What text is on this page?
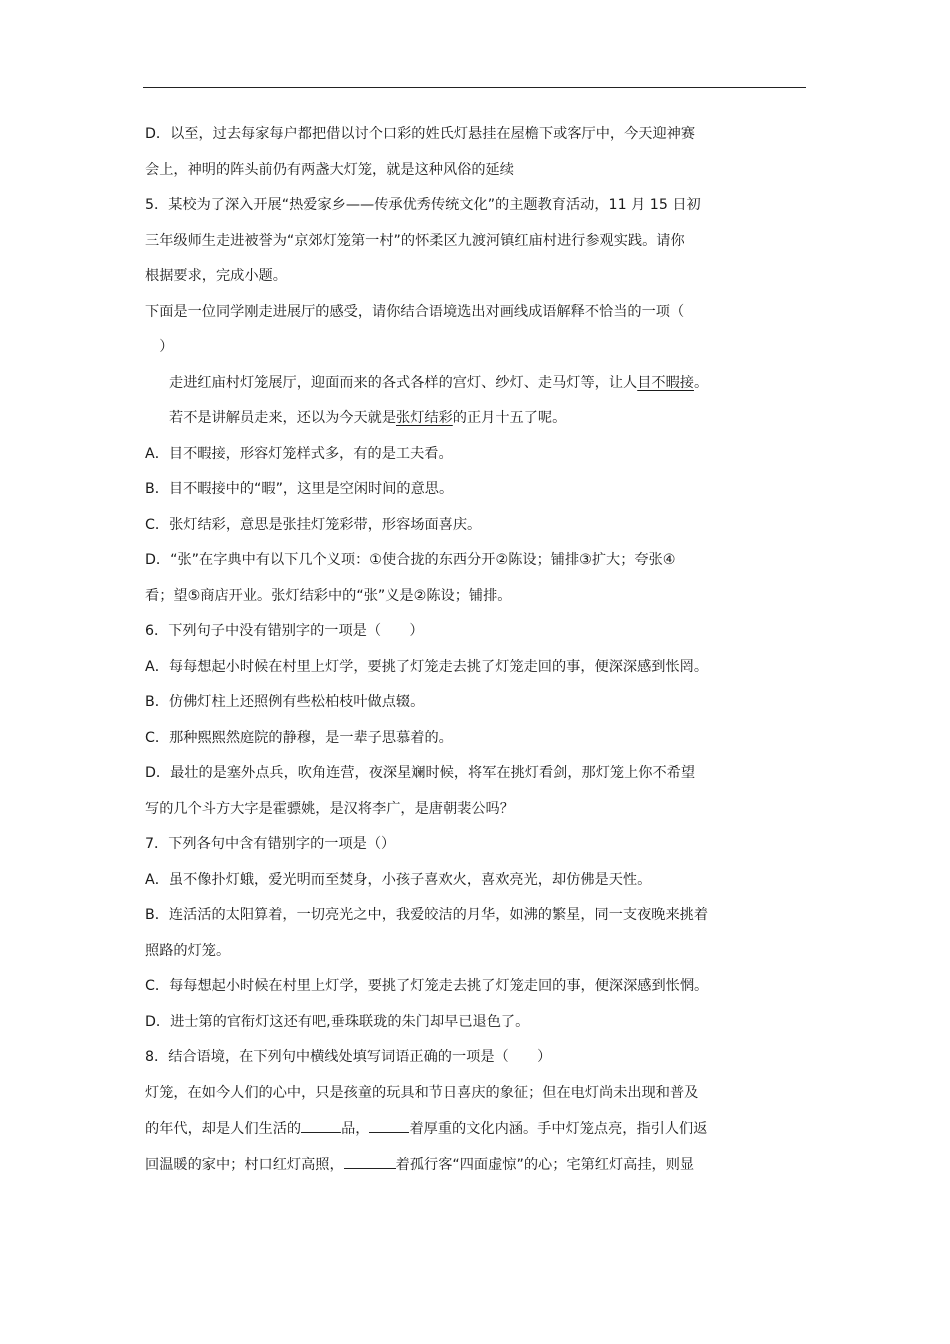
D．以至，过去每家每户都把借以讨个口彩的姓氏灯悬挂在屋檐下或客厅中，今天迎神赛
会上，神明的阵头前仍有两盏大灯笼，就是这种风俗的延续
5．某校为了深入开展“热爱家乡——传承优秀传统文化”的主题教育活动，11 月 15 日初
三年级师生走进被誉为“京郊灯笼第一村”的怀柔区九渡河镇红庙村进行参观实践。请你
根据要求，完成小题。
下面是一位同学刚走进展厅的感受，请你结合语境选出对画线成语解释不恰当的一项（
　）
走进红庙村灯笼展厅，迎面而来的各式各样的宫灯、纱灯、走马灯等，让人目不暇接。
若不是讲解员走来，还以为今天就是张灯结彩的正月十五了呢。
A．目不暇接，形容灯笼样式多，有的是工夫看。
B．目不暇接中的“暇”，这里是空闲时间的意思。
C．张灯结彩，意思是张挂灯笼彩带，形容场面喜庆。
D．“张”在字典中有以下几个义项：①使合拢的东西分开②陈设；铺排③扩大；夸张④
看；望⑤商店开业。张灯结彩中的“张”义是②陈设；铺排。
6．下列句子中没有错别字的一项是（　　）
A．每每想起小时候在村里上灯学，要挑了灯笼走去挑了灯笼走回的事，便深深感到怅罔。
B．仿佛灯柱上还照例有些松柏枝叶做点辍。
C．那种熙熙然庭院的静穆，是一辈子思慕着的。
D．最壮的是塞外点兵，吹角连营，夜深星斓时候，将军在挑灯看剑，那灯笼上你不希望
写的几个斗方大字是霍骠姚，是汉将李广，是唐朝裴公吗？
7．下列各句中含有错别字的一项是（）
A．虽不像扑灯蛾，爱光明而至焚身，小孩子喜欢火，喜欢亮光，却仿佛是天性。
B．连活活的太阳算着，一切亮光之中，我爱皎洁的月华，如沸的繁星，同一支夜晚来挑着
照路的灯笼。
C．每每想起小时候在村里上灯学，要挑了灯笼走去挑了灯笼走回的事，便深深感到怅惘。
D．进士第的官衔灯这还有吧,垂珠联珑的朱门却早已退色了。
8．结合语境，在下列句中横线处填写词语正确的一项是（　　）
灯笼，在如今人们的心中，只是孩童的玩具和节日喜庆的象征；但在电灯尚未出现和普及
的年代，却是人们生活的	品，	着厚重的文化内涵。手中灯笼点亮，指引人们返
回温暖的家中；村口红灯高照，	着孤行客“四面虚惊”的心；宅第红灯高挂，则显
